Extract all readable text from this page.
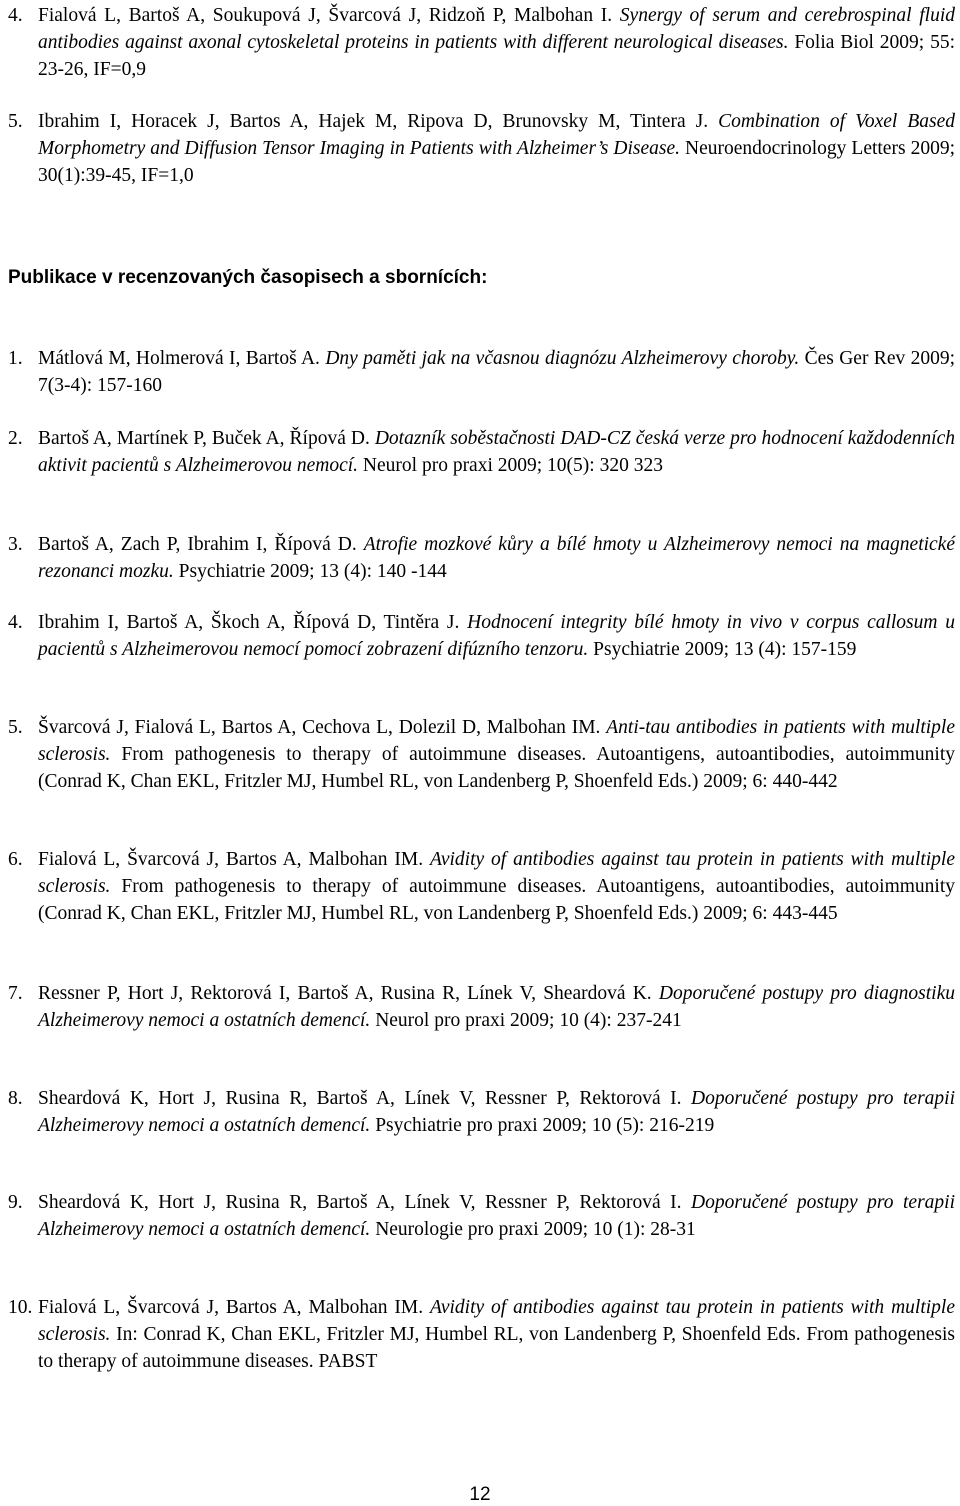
4. Fialová L, Bartoš A, Soukupová J, Švarcová J, Ridzoň P, Malbohan I. Synergy of serum and cerebrospinal fluid antibodies against axonal cytoskeletal proteins in patients with different neurological diseases. Folia Biol 2009; 55: 23-26, IF=0,9
5. Ibrahim I, Horacek J, Bartos A, Hajek M, Ripova D, Brunovsky M, Tintera J. Combination of Voxel Based Morphometry and Diffusion Tensor Imaging in Patients with Alzheimer’s Disease. Neuroendocrinology Letters 2009; 30(1):39-45, IF=1,0
Publikace v recenzovaných časopisech a sbornících:
1. Mátlová M, Holmerová I, Bartoš A. Dny paměti jak na včasnou diagnózu Alzheimerovy choroby. Čes Ger Rev 2009; 7(3-4): 157-160
2. Bartoš A, Martínek P, Buček A, Řípová D. Dotazník soběstačnosti DAD-CZ česká verze pro hodnocení každodenních aktivit pacientů s Alzheimerovou nemocí. Neurol pro praxi 2009; 10(5): 320 323
3. Bartoš A, Zach P, Ibrahim I, Řípová D. Atrofie mozkové kůry a bílé hmoty u Alzheimerovy nemoci na magnetické rezonanci mozku. Psychiatrie 2009; 13 (4): 140 -144
4. Ibrahim I, Bartoš A, Škoch A, Řípová D, Tintěra J. Hodnocení integrity bílé hmoty in vivo v corpus callosum u pacientů s Alzheimerovou nemocí pomocí zobrazení difúzního tenzoru. Psychiatrie 2009; 13 (4): 157-159
5. Švarcová J, Fialová L, Bartos A, Cechova L, Dolezil D, Malbohan IM. Anti-tau antibodies in patients with multiple sclerosis. From pathogenesis to therapy of autoimmune diseases. Autoantigens, autoantibodies, autoimmunity (Conrad K, Chan EKL, Fritzler MJ, Humbel RL, von Landenberg P, Shoenfeld Eds.) 2009; 6: 440-442
6. Fialová L, Švarcová J, Bartos A, Malbohan IM. Avidity of antibodies against tau protein in patients with multiple sclerosis. From pathogenesis to therapy of autoimmune diseases. Autoantigens, autoantibodies, autoimmunity (Conrad K, Chan EKL, Fritzler MJ, Humbel RL, von Landenberg P, Shoenfeld Eds.) 2009; 6: 443-445
7. Ressner P, Hort J, Rektorová I, Bartoš A, Rusina R, Línek V, Sheardová K. Doporučené postupy pro diagnostiku Alzheimerovy nemoci a ostatních demencí. Neurol pro praxi 2009; 10 (4): 237-241
8. Sheardová K, Hort J, Rusina R, Bartoš A, Línek V, Ressner P, Rektorová I. Doporučené postupy pro terapii Alzheimerovy nemoci a ostatních demencí. Psychiatrie pro praxi 2009; 10 (5): 216-219
9. Sheardová K, Hort J, Rusina R, Bartoš A, Línek V, Ressner P, Rektorová I. Doporučené postupy pro terapii Alzheimerovy nemoci a ostatních demencí. Neurologie pro praxi 2009; 10 (1): 28-31
10. Fialová L, Švarcová J, Bartos A, Malbohan IM. Avidity of antibodies against tau protein in patients with multiple sclerosis. In: Conrad K, Chan EKL, Fritzler MJ, Humbel RL, von Landenberg P, Shoenfeld Eds. From pathogenesis to therapy of autoimmune diseases. PABST
12
